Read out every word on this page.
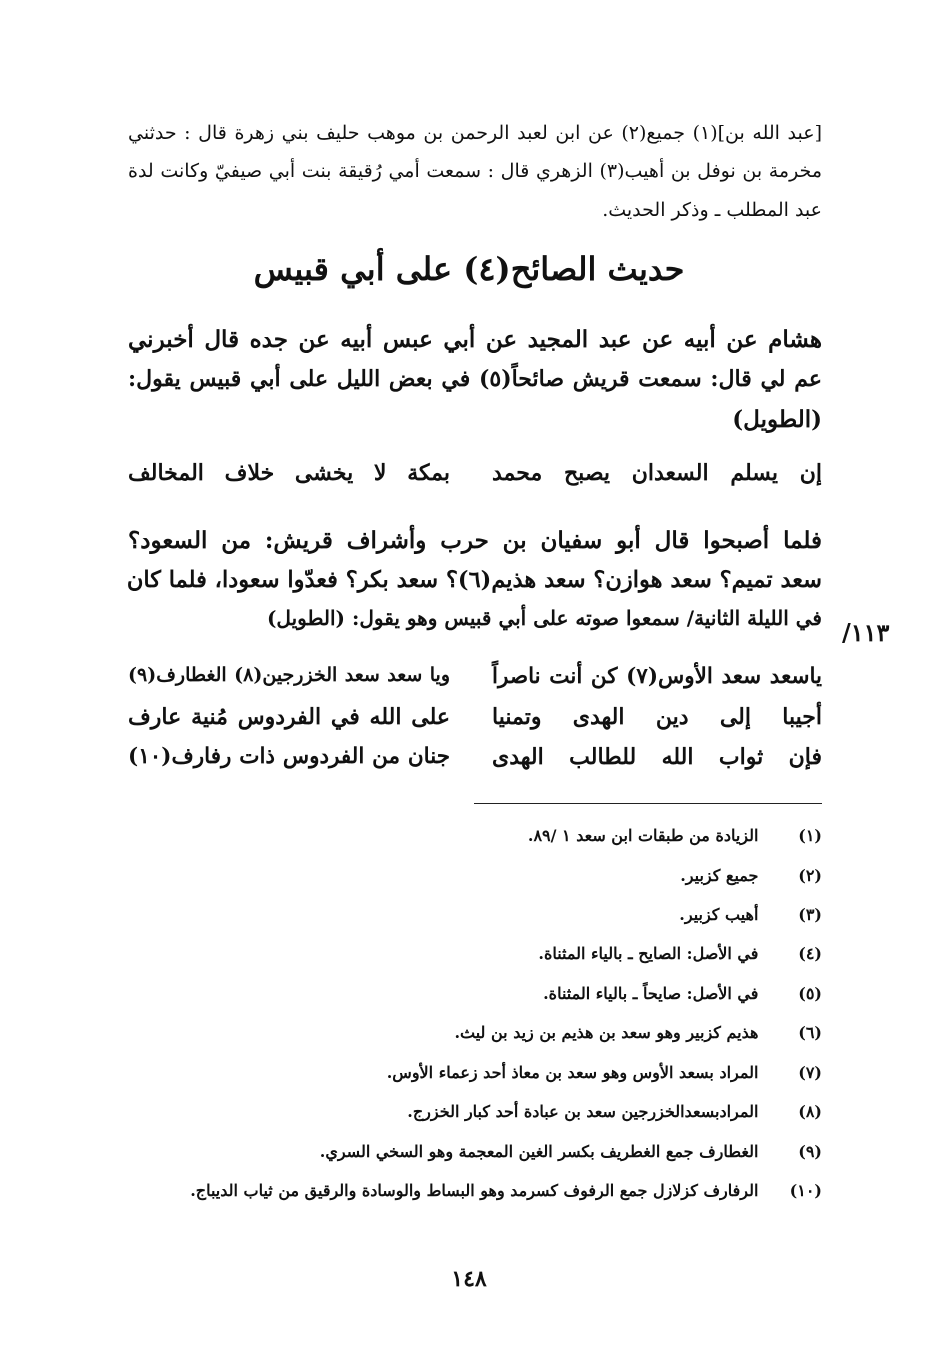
[عبد الله بن](١) جميع(٢) عن ابن لعبد الرحمن بن موهب حليف بني زهرة قال : حدثني
مخرمة بن نوفل بن أهيب(٣) الزهري قال : سمعت أمي رُقيقة بنت أبي صيفيّ وكانت لدة
عبد المطلب ـ وذكر الحديث.
حديث الصائح(٤) على أبي قبيس
هشام عن أبيه عن عبد المجيد عن أبي عبس أبيه عن جده قال أخبرني
عم لي قال: سمعت قريش صائحاً(٥) في بعض الليل على أبي قبيس يقول:
(الطويل)
إن يسلم السعدان يصبح محمد
بمكة لا يخشى خلاف المخالف
فلما أصبحوا قال أبو سفيان بن حرب وأشراف قريش: من السعود؟
سعد تميم؟ سعد هوازن؟ سعد هذيم(٦)؟ سعد بكر؟ فعدّوا سعودا، فلما كان
في الليلة الثانية/ سمعوا صوته على أبي قبيس وهو يقول: (الطويل) ١١٣/
ياسعد سعد الأوس(٧) كن أنت ناصراً
ويا سعد سعد الخزرجين(٨) الغطارف(٩)
أجيبا إلى دين الهدى وتمنيا
على الله في الفردوس مُنية عارف
فإن ثواب الله للطالب الهدى
جنان من الفردوس ذات رفارف(١٠)
(١) الزيادة من طبقات ابن سعد ١ /٨٩.
(٢) جميع كزبير.
(٣) أهيب كزبير.
(٤) في الأصل: الصايح ـ بالياء المثناة.
(٥) في الأصل: صايحاً ـ بالياء المثناة.
(٦) هذيم كزبير وهو سعد بن هذيم بن زيد بن ليث.
(٧) المراد بسعد الأوس وهو سعد بن معاذ أحد زعماء الأوس.
(٨) المرادبسعدالخزرجين سعد بن عبادة أحد كبار الخزرج.
(٩) الغطارف جمع الغطريف بكسر الغين المعجمة وهو السخي السري.
(١٠) الرفارف كزلازل جمع الرفوف كسرمد وهو البساط والوسادة والرقيق من ثياب الديباج.
١٤٨
